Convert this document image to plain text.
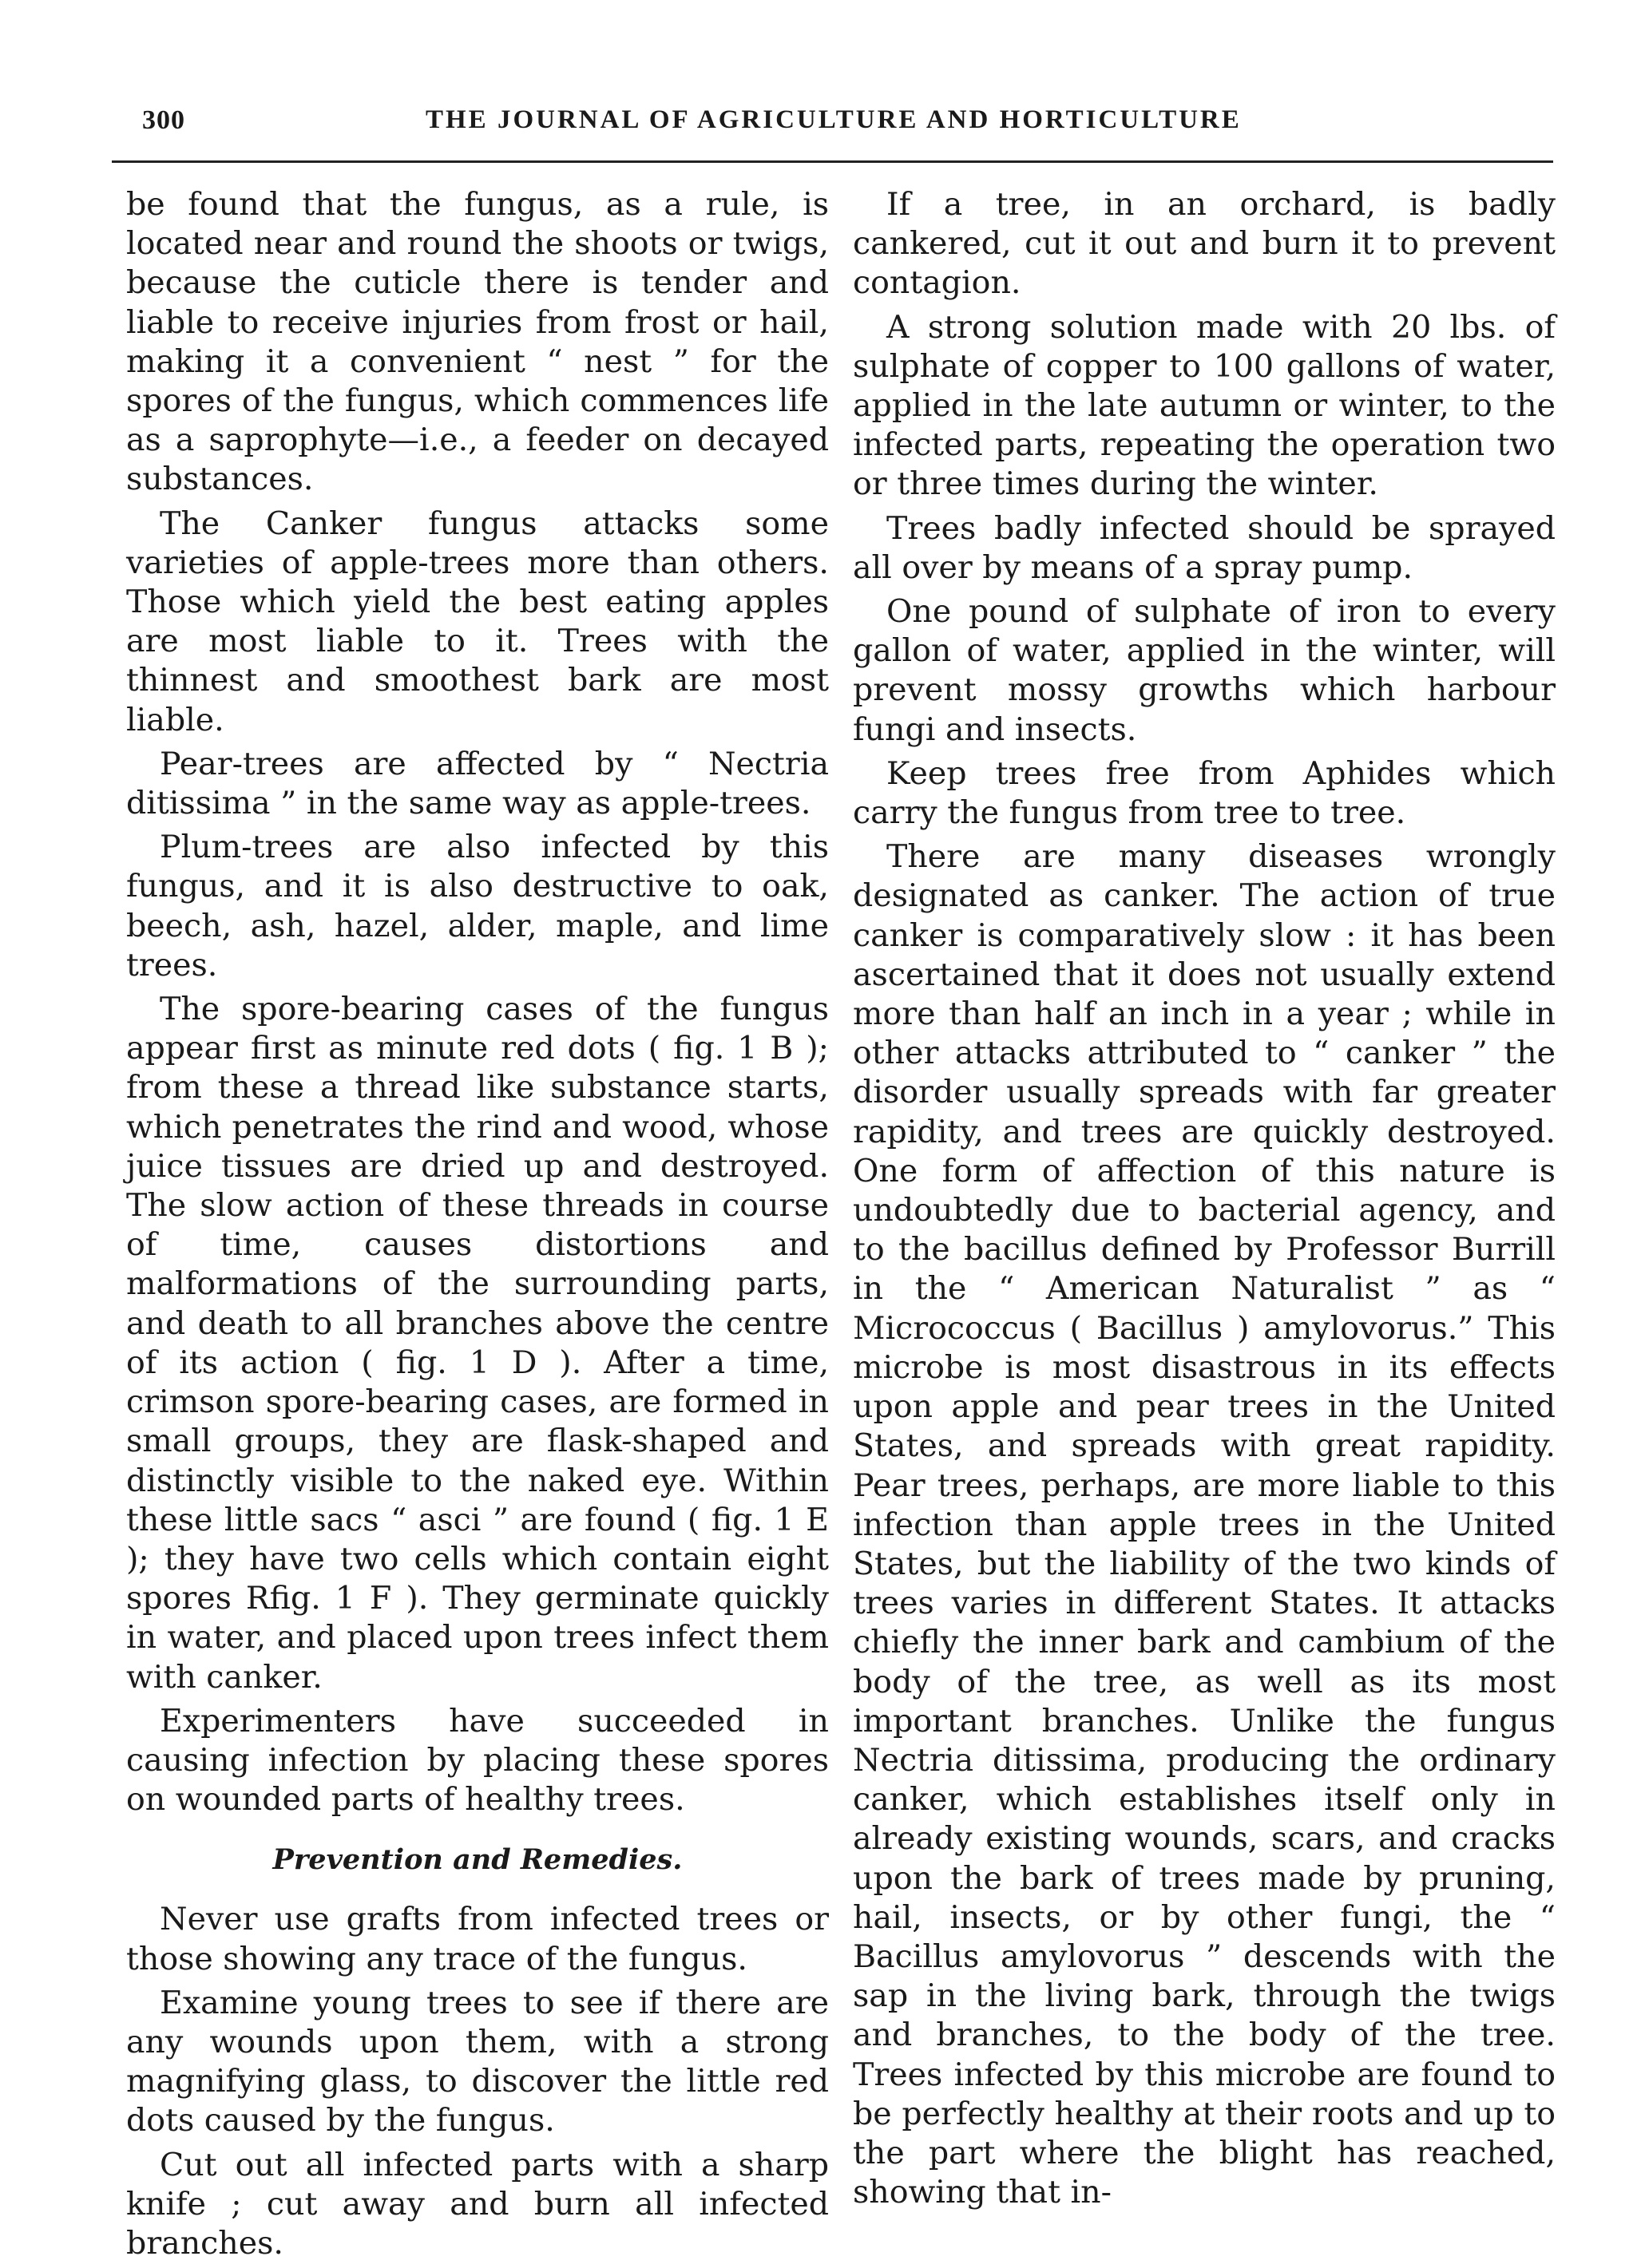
300	THE JOURNAL OF AGRICULTURE AND HORTICULTURE

be found that the fungus, as a rule, is located near and round the shoots or twigs, because the cuticle there is tender and liable to receive injuries from frost or hail, making it a convenient “ nest ” for the spores of the fungus, which commences life as a saprophyte—i.e., a feeder on decayed substances.

The Canker fungus attacks some varieties of apple-trees more than others. Those which yield the best eating apples are most liable to it. Trees with the thinnest and smoothest bark are most liable.

Pear-trees are affected by “ Nectria ditissima ” in the same way as apple-trees.

Plum-trees are also infected by this fungus, and it is also destructive to oak, beech, ash, hazel, alder, maple, and lime trees.

The spore-bearing cases of the fungus appear first as minute red dots ( fig. 1 B ); from these a thread like substance starts, which penetrates the rind and wood, whose juice tissues are dried up and destroyed. The slow action of these threads in course of time, causes distortions and malformations of the surrounding parts, and death to all branches above the centre of its action ( fig. 1 D ). After a time, crimson spore-bearing cases, are formed in small groups, they are flask-shaped and distinctly visible to the naked eye. Within these little sacs “ asci ” are found ( fig. 1 E ); they have two cells which contain eight spores Rfig. 1 F ). They germinate quickly in water, and placed upon trees infect them with canker.

Experimenters have succeeded in causing infection by placing these spores on wounded parts of healthy trees.

Prevention and Remedies.

Never use grafts from infected trees or those showing any trace of the fungus.

Examine young trees to see if there are any wounds upon them, with a strong magnifying glass, to discover the little red dots caused by the fungus.

Cut out all infected parts with a sharp knife ; cut away and burn all infected branches.

If a tree, in an orchard, is badly cankered, cut it out and burn it to prevent contagion.

A strong solution made with 20 lbs. of sulphate of copper to 100 gallons of water, applied in the late autumn or winter, to the infected parts, repeating the operation two or three times during the winter.

Trees badly infected should be sprayed all over by means of a spray pump.

One pound of sulphate of iron to every gallon of water, applied in the winter, will prevent mossy growths which harbour fungi and insects.

Keep trees free from Aphides which carry the fungus from tree to tree.

There are many diseases wrongly designated as canker. The action of true canker is comparatively slow : it has been ascertained that it does not usually extend more than half an inch in a year ; while in other attacks attributed to “ canker ” the disorder usually spreads with far greater rapidity, and trees are quickly destroyed. One form of affection of this nature is undoubtedly due to bacterial agency, and to the bacillus defined by Professor Burrill in the “ American Naturalist ” as “ Micrococcus ( Bacillus ) amylovorus.” This microbe is most disastrous in its effects upon apple and pear trees in the United States, and spreads with great rapidity. Pear trees, perhaps, are more liable to this infection than apple trees in the United States, but the liability of the two kinds of trees varies in different States. It attacks chiefly the inner bark and cambium of the body of the tree, as well as its most important branches. Unlike the fungus Nectria ditissima, producing the ordinary canker, which establishes itself only in already existing wounds, scars, and cracks upon the bark of trees made by pruning, hail, insects, or by other fungi, the “ Bacillus amylovorus ” descends with the sap in the living bark, through the twigs and branches, to the body of the tree. Trees infected by this microbe are found to be perfectly healthy at their roots and up to the part where the blight has reached, showing that in-
